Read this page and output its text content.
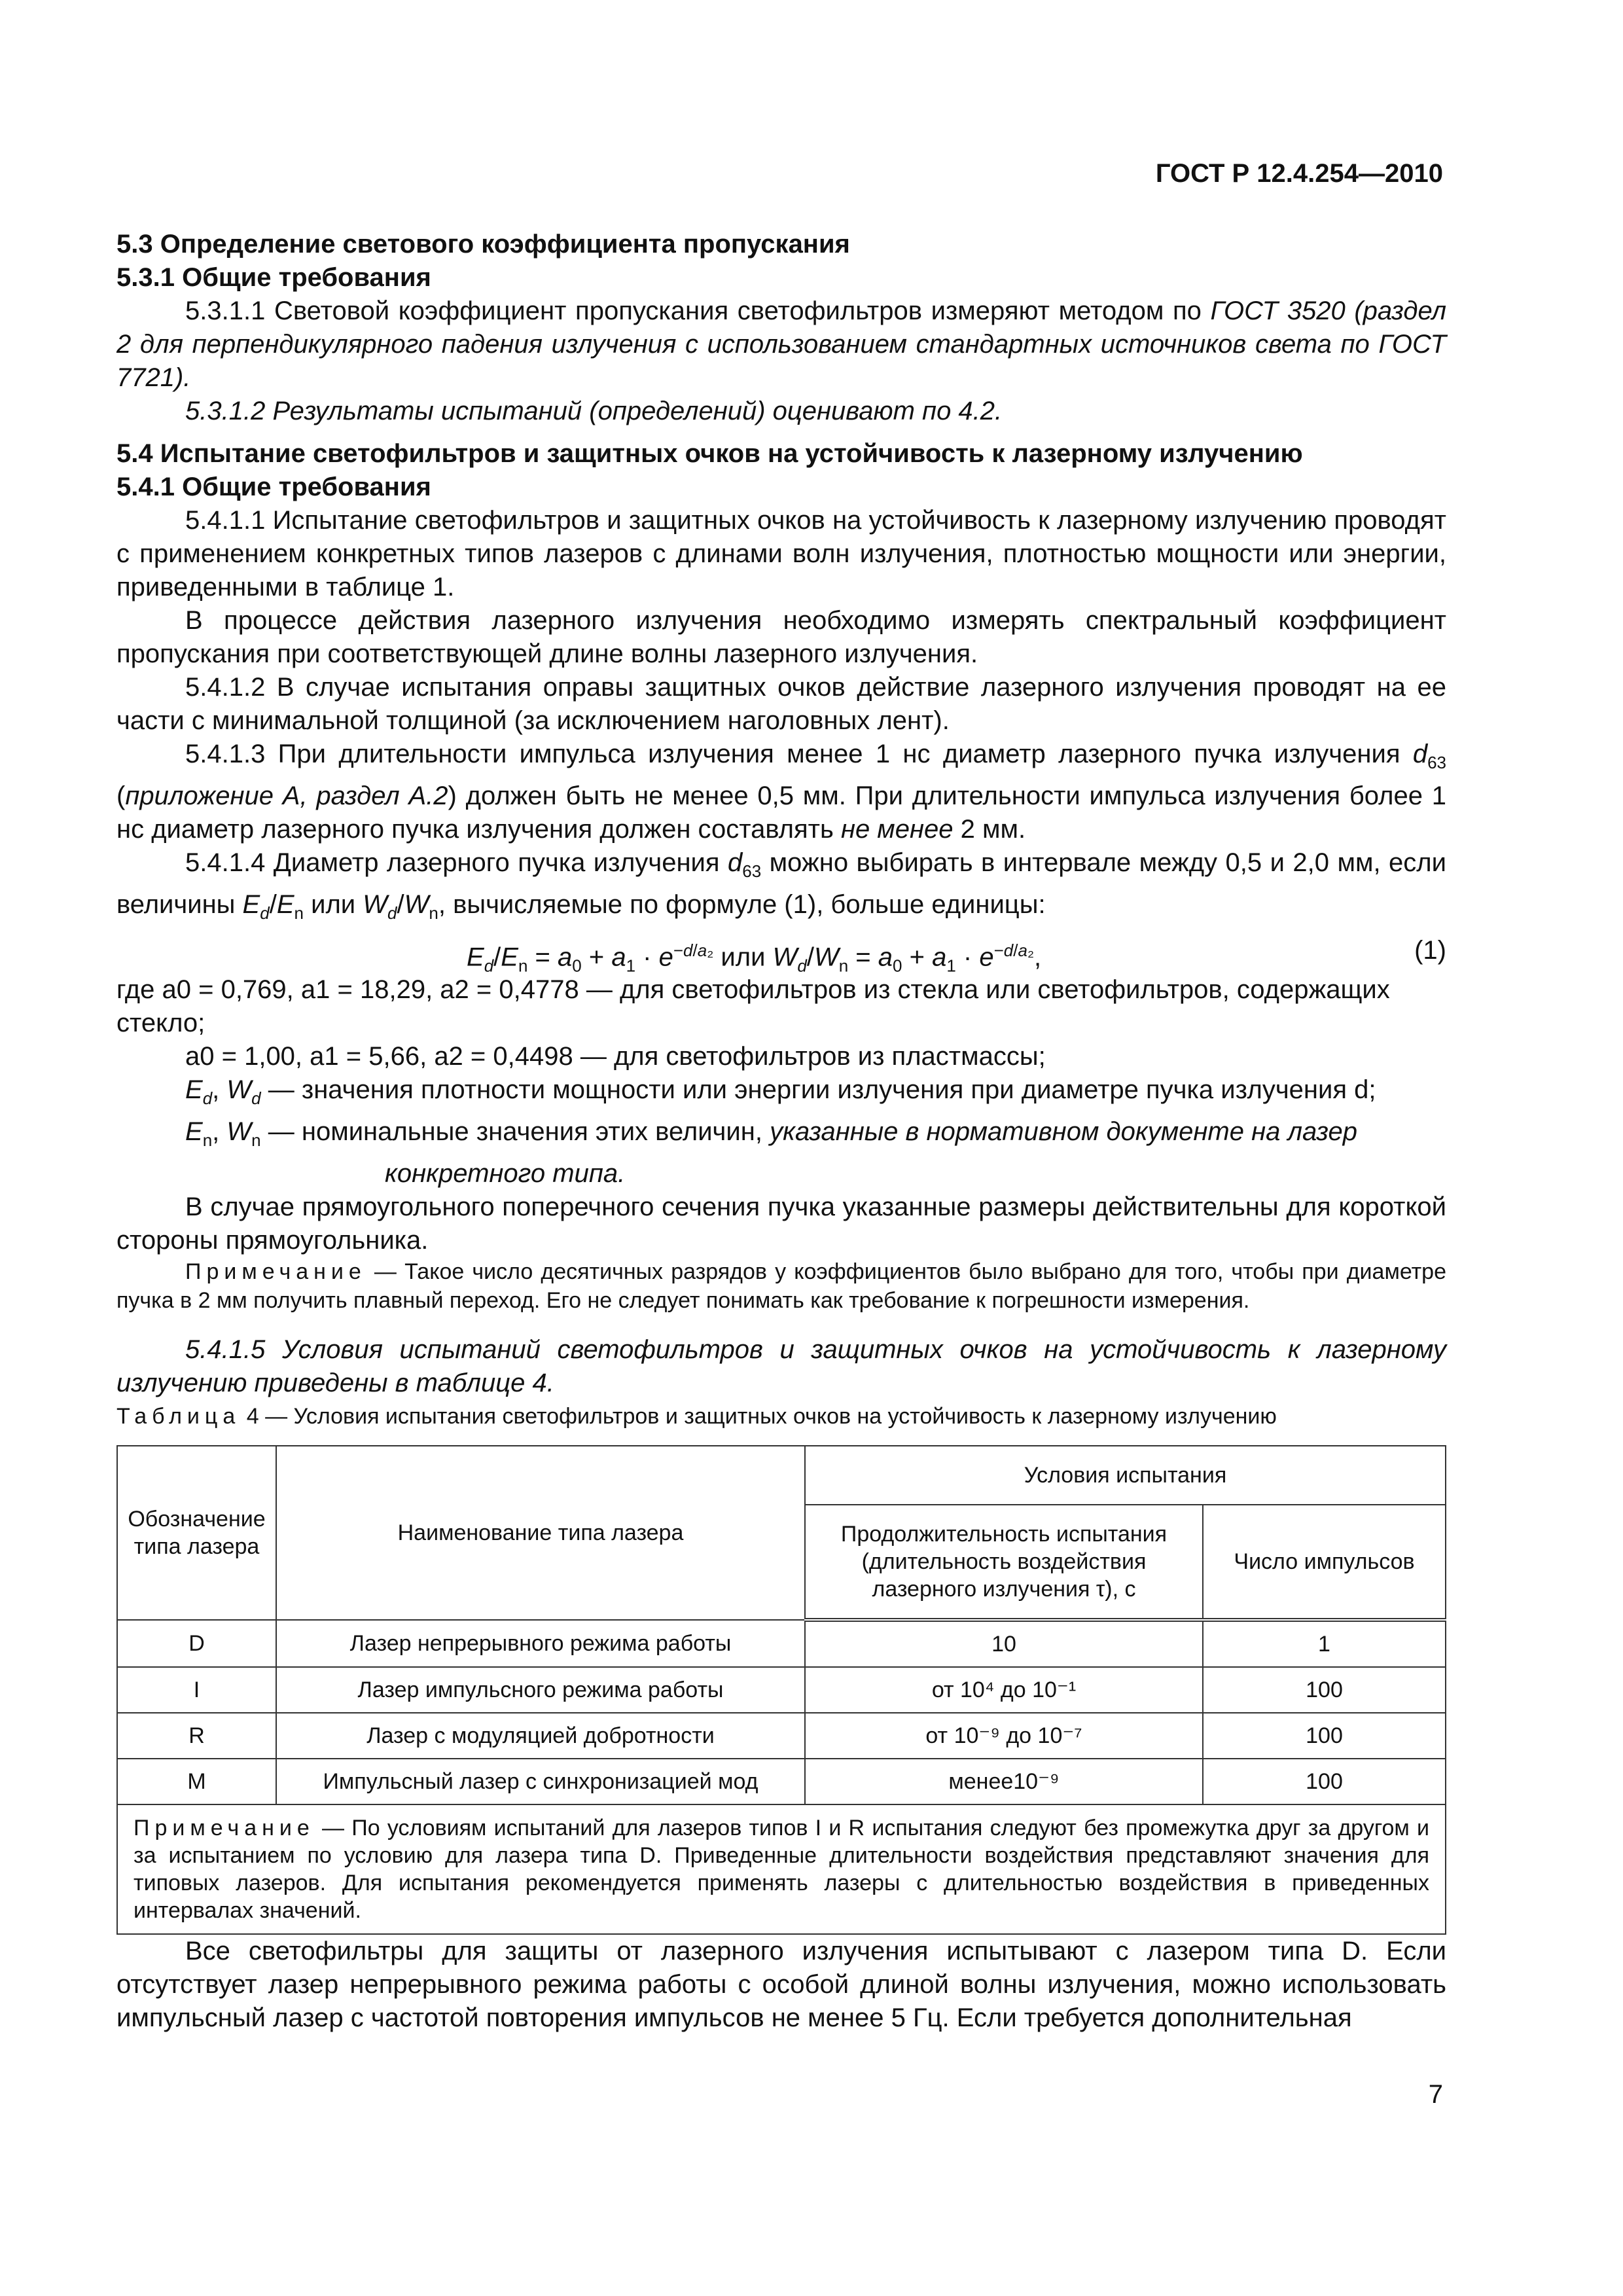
ГОСТ Р 12.4.254—2010

5.3 Определение светового коэффициента пропускания

5.3.1 Общие требования

5.3.1.1 Световой коэффициент пропускания светофильтров измеряют методом по ГОСТ 3520 (раздел 2 для перпендикулярного падения излучения с использованием стандартных источников света по ГОСТ 7721).

5.3.1.2 Результаты испытаний (определений) оценивают по 4.2.

5.4 Испытание светофильтров и защитных очков на устойчивость к лазерному излучению

5.4.1 Общие требования

5.4.1.1 Испытание светофильтров и защитных очков на устойчивость к лазерному излучению проводят с применением конкретных типов лазеров с длинами волн излучения, плотностью мощности или энергии, приведенными в таблице 1.

В процессе действия лазерного излучения необходимо измерять спектральный коэффициент пропускания при соответствующей длине волны лазерного излучения.

5.4.1.2 В случае испытания оправы защитных очков действие лазерного излучения проводят на ее части с минимальной толщиной (за исключением наголовных лент).

5.4.1.3 При длительности импульса излучения менее 1 нс диаметр лазерного пучка излучения $d_{63}$ (приложение А, раздел А.2) должен быть не менее 0,5 мм. При длительности импульса излучения более 1 нс диаметр лазерного пучка излучения должен составлять не менее 2 мм.

5.4.1.4 Диаметр лазерного пучка излучения $d_{63}$ можно выбирать в интервале между 0,5 и 2,0 мм, если величины $E_d/E_n$ или $W_d/W_n$, вычисляемые по формуле (1), больше единицы:

$E_d/E_n = a_0 + a_1 \cdot e^{-d/a_2}$ или $W_d/W_n = a_0 + a_1 \cdot e^{-d/a_2}$,	(1)

где a0 = 0,769, a1 = 18,29, a2 = 0,4778 — для светофильтров из стекла или светофильтров, содержащих стекло;

a0 = 1,00, a1 = 5,66, a2 = 0,4498 — для светофильтров из пластмассы;

$E_d$, $W_d$ — значения плотности мощности или энергии излучения при диаметре пучка излучения d;

$E_n$, $W_n$ — номинальные значения этих величин, указанные в нормативном документе на лазер конкретного типа.

В случае прямоугольного поперечного сечения пучка указанные размеры действительны для короткой стороны прямоугольника.

Примечание — Такое число десятичных разрядов у коэффициентов было выбрано для того, чтобы при диаметре пучка в 2 мм получить плавный переход. Его не следует понимать как требование к погрешности измерения.

5.4.1.5 Условия испытаний светофильтров и защитных очков на устойчивость к лазерному излучению приведены в таблице 4.

Таблица 4 — Условия испытания светофильтров и защитных очков на устойчивость к лазерному излучению

Обозначение типа лазера	Наименование типа лазера	Условия испытания	
		Продолжительность испытания (длительность воздействия лазерного излучения τ), с	Число импульсов
D	Лазер непрерывного режима работы	10	1
I	Лазер импульсного режима работы	от 10⁴ до 10⁻¹	100
R	Лазер с модуляцией добротности	от 10⁻⁹ до 10⁻⁷	100
M	Импульсный лазер с синхронизацией мод	менее10⁻⁹	100
Примечание — По условиям испытаний для лазеров типов I и R испытания следуют без промежутка друг за другом и за испытанием по условию для лазера типа D. Приведенные длительности воздействия представляют значения для типовых лазеров. Для испытания рекомендуется применять лазеры с длительностью воздействия в приведенных интервалах значений.			

Все светофильтры для защиты от лазерного излучения испытывают с лазером типа D. Если отсутствует лазер непрерывного режима работы с особой длиной волны излучения, можно использовать импульсный лазер с частотой повторения импульсов не менее 5 Гц. Если требуется дополнительная

7
